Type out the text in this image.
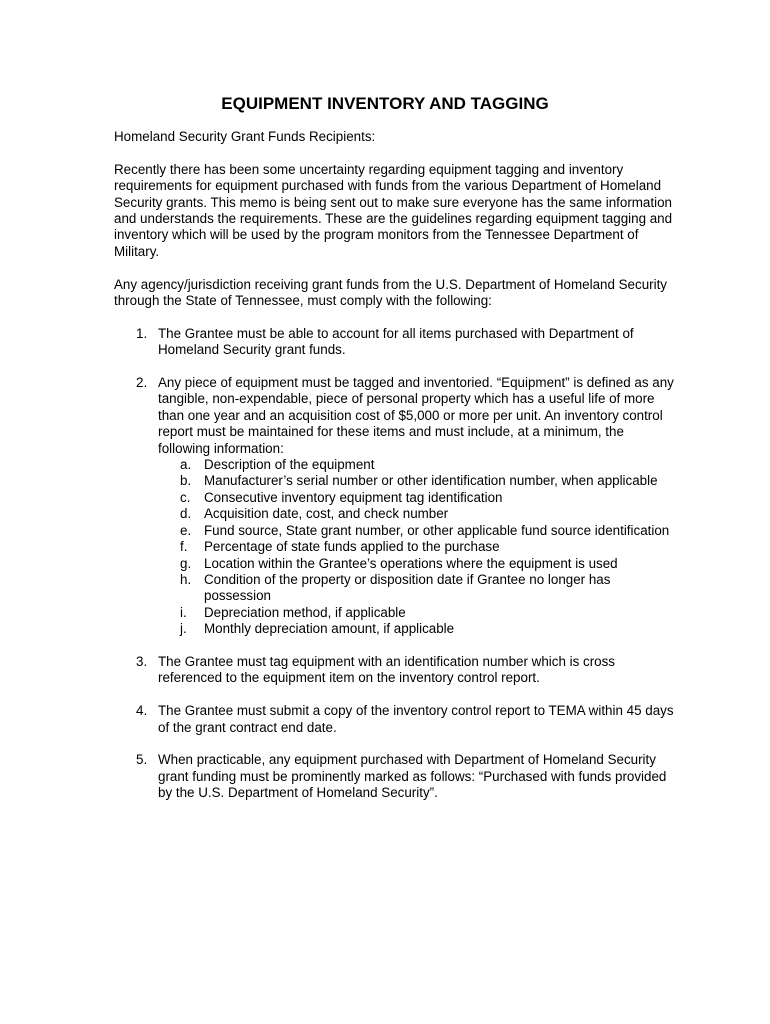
EQUIPMENT INVENTORY AND TAGGING

Homeland Security Grant Funds Recipients:

Recently there has been some uncertainty regarding equipment tagging and inventory requirements for equipment purchased with funds from the various Department of Homeland Security grants. This memo is being sent out to make sure everyone has the same information and understands the requirements. These are the guidelines regarding equipment tagging and inventory which will be used by the program monitors from the Tennessee Department of Military.

Any agency/jurisdiction receiving grant funds from the U.S. Department of Homeland Security through the State of Tennessee, must comply with the following:

1. The Grantee must be able to account for all items purchased with Department of Homeland Security grant funds.
2. Any piece of equipment must be tagged and inventoried. “Equipment” is defined as any tangible, non-expendable, piece of personal property which has a useful life of more than one year and an acquisition cost of $5,000 or more per unit. An inventory control report must be maintained for these items and must include, at a minimum, the following information:
a. Description of the equipment
b. Manufacturer’s serial number or other identification number, when applicable
c. Consecutive inventory equipment tag identification
d. Acquisition date, cost, and check number
e. Fund source, State grant number, or other applicable fund source identification
f. Percentage of state funds applied to the purchase
g. Location within the Grantee’s operations where the equipment is used
h. Condition of the property or disposition date if Grantee no longer has possession
i. Depreciation method, if applicable
j. Monthly depreciation amount, if applicable
3. The Grantee must tag equipment with an identification number which is cross referenced to the equipment item on the inventory control report.
4. The Grantee must submit a copy of the inventory control report to TEMA within 45 days of the grant contract end date.
5. When practicable, any equipment purchased with Department of Homeland Security grant funding must be prominently marked as follows: “Purchased with funds provided by the U.S. Department of Homeland Security”.
